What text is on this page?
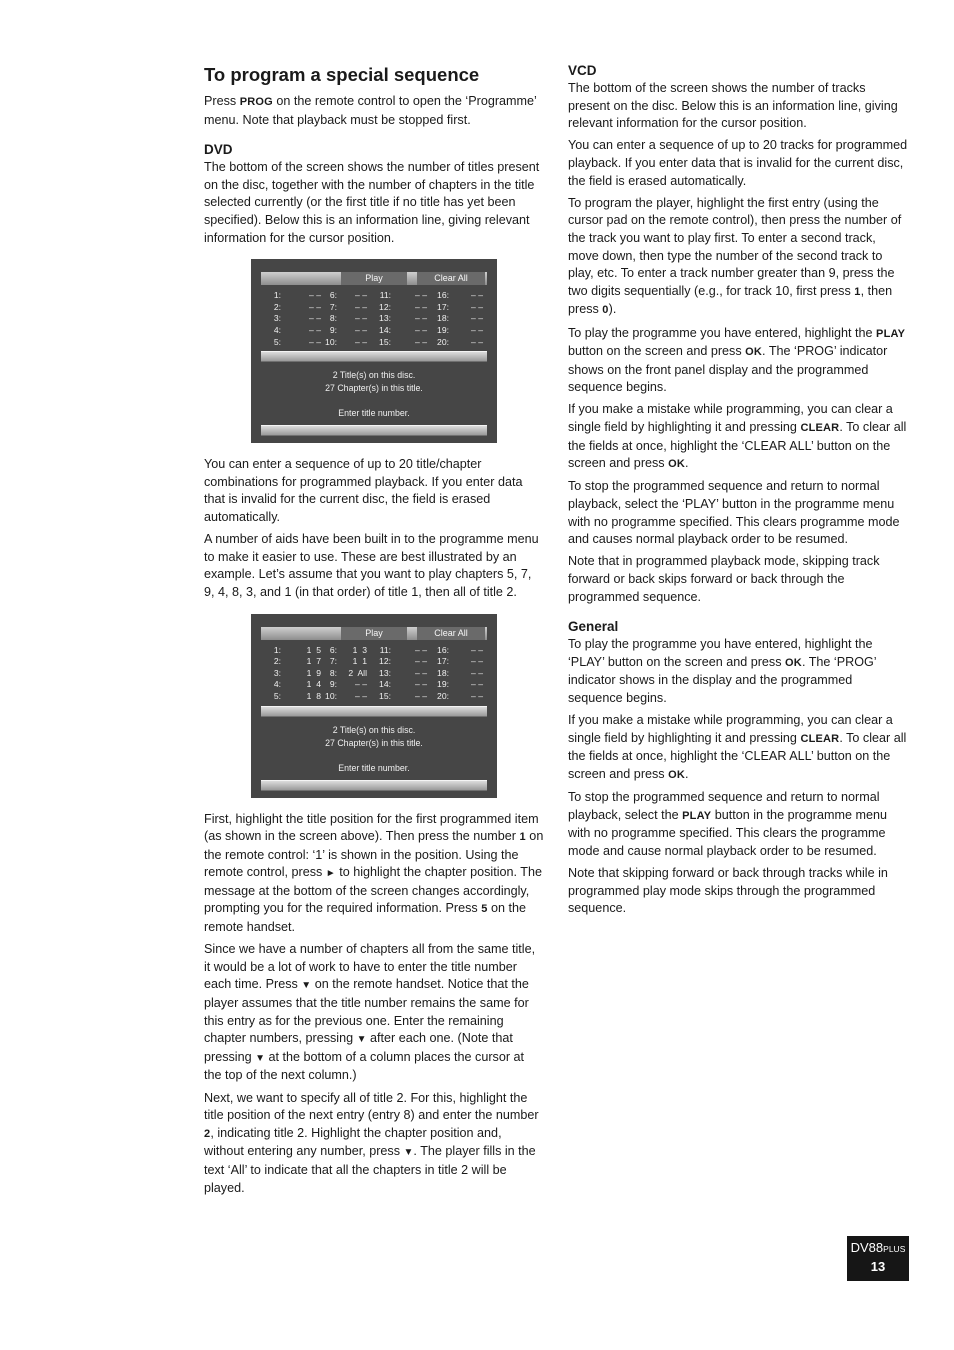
To program a special sequence

Press PROG on the remote control to open the ‘Programme’ menu. Note that playback must be stopped first.

DVD

The bottom of the screen shows the number of titles present on the disc, together with the number of chapters in the title selected currently (or the first title if no title has yet been specified). Below this is an information line, giving relevant information for the cursor position.

Play	Clear All
1:	– –	6:	– –	11:	– –	16:	– –
2:	– –	7:	– –	12:	– –	17:	– –
3:	– –	8:	– –	13:	– –	18:	– –
4:	– –	9:	– –	14:	– –	19:	– –
5:	– – 10:	– –	15:	– –	20:	– –
2 Title(s) on this disc.
27 Chapter(s) in this title.
Enter title number.

You can enter a sequence of up to 20 title/chapter combinations for programmed playback. If you enter data that is invalid for the current disc, the field is erased automatically.

A number of aids have been built in to the programme menu to make it easier to use. These are best illustrated by an example. Let’s assume that you want to play chapters 5, 7, 9, 4, 8, 3, and 1 (in that order) of title 1, then all of title 2.

Play	Clear All
1:	1  5	6:	1  3	11:	– –	16:	– –
2:	1  7	7:	1  1	12:	– –	17:	– –
3:	1  9	8:	2  All	13:	– –	18:	– –
4:	1  4	9:	– –	14:	– –	19:	– –
5:	1  8 10:	– –	15:	– –	20:	– –
2 Title(s) on this disc.
27 Chapter(s) in this title.
Enter title number.

First, highlight the title position for the first programmed item (as shown in the screen above). Then press the number 1 on the remote control: ‘1’ is shown in the position. Using the remote control, press ► to highlight the chapter position. The message at the bottom of the screen changes accordingly, prompting you for the required information. Press 5 on the remote handset.

Since we have a number of chapters all from the same title, it would be a lot of work to have to enter the title number each time. Press ▼ on the remote handset. Notice that the player assumes that the title number remains the same for this entry as for the previous one. Enter the remaining chapter numbers, pressing ▼ after each one. (Note that pressing ▼ at the bottom of a column places the cursor at the top of the next column.)

Next, we want to specify all of title 2. For this, highlight the title position of the next entry (entry 8) and enter the number 2, indicating title 2. Highlight the chapter position and, without entering any number, press ▼. The player fills in the text ‘All’ to indicate that all the chapters in title 2 will be played.

VCD

The bottom of the screen shows the number of tracks present on the disc. Below this is an information line, giving relevant information for the cursor position.

You can enter a sequence of up to 20 tracks for programmed playback. If you enter data that is invalid for the current disc, the field is erased automatically.

To program the player, highlight the first entry (using the cursor pad on the remote control), then press the number of the track you want to play first. To enter a second track, move down, then type the number of the second track to play, etc. To enter a track number greater than 9, press the two digits sequentially (e.g., for track 10, first press 1, then press 0).

To play the programme you have entered, highlight the PLAY button on the screen and press OK. The ‘PROG’ indicator shows on the front panel display and the programmed sequence begins.

If you make a mistake while programming, you can clear a single field by highlighting it and pressing CLEAR. To clear all the fields at once, highlight the ‘CLEAR ALL’ button on the screen and press OK.

To stop the programmed sequence and return to normal playback, select the ‘PLAY’ button in the programme menu with no programme specified. This clears programme mode and causes normal playback order to be resumed.

Note that in programmed playback mode, skipping track forward or back skips forward or back through the programmed sequence.

General

To play the programme you have entered, highlight the ‘PLAY’ button on the screen and press OK. The ‘PROG’ indicator shows in the display and the programmed sequence begins.

If you make a mistake while programming, you can clear a single field by highlighting it and pressing CLEAR. To clear all the fields at once, highlight the ‘CLEAR ALL’ button on the screen and press OK.

To stop the programmed sequence and return to normal playback, select the PLAY button in the programme menu with no programme specified. This clears the programme mode and cause normal playback order to be resumed.

Note that skipping forward or back through tracks while in programmed play mode skips through the programmed sequence.

DV88PLUS
13
